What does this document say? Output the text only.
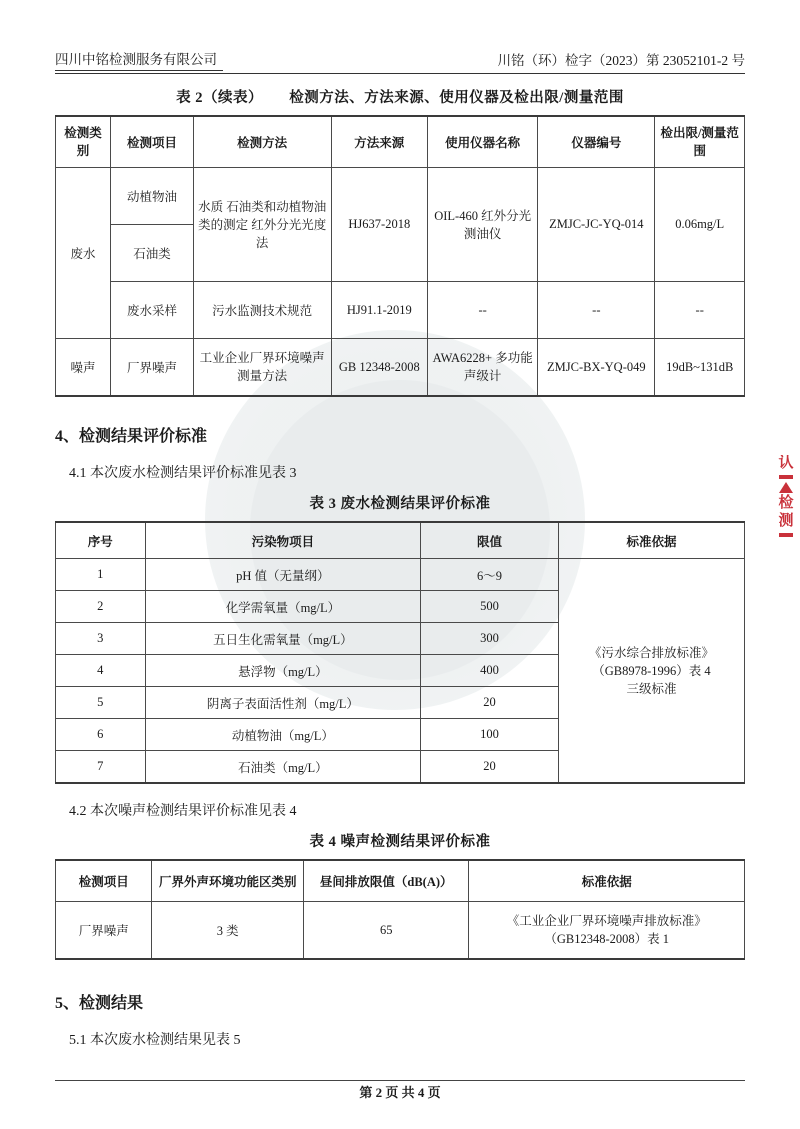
认
检
测
四川中铭检测服务有限公司	川铭（环）检字（2023）第 23052101-2 号
表 2（续表） 检测方法、方法来源、使用仪器及检出限/测量范围
检测类别	检测项目	检测方法	方法来源	使用仪器名称	仪器编号	检出限/测量范围
废水	动植物油	水质 石油类和动植物油类的测定 红外分光光度法	HJ637-2018	OIL-460 红外分光测油仪	ZMJC-JC-YQ-014	0.06mg/L
	石油类					
	废水采样	污水监测技术规范	HJ91.1-2019	--	--	--
噪声	厂界噪声	工业企业厂界环境噪声测量方法	GB 12348-2008	AWA6228+ 多功能声级计	ZMJC-BX-YQ-049	19dB~131dB
4、检测结果评价标准

4.1 本次废水检测结果评价标准见表 3

表 3 废水检测结果评价标准
序号	污染物项目	限值	标准依据
1	pH 值（无量纲）	6～9	《污水综合排放标准》
（GB8978-1996）表 4
三级标准

2	化学需氧量（mg/L）	500	
3	五日生化需氧量（mg/L）	300	
4	悬浮物（mg/L）	400	
5	阴离子表面活性剂（mg/L）	20	
6	动植物油（mg/L）	100	
7	石油类（mg/L）	20	

4.2 本次噪声检测结果评价标准见表 4

表 4 噪声检测结果评价标准
检测项目	厂界外声环境功能区类别	昼间排放限值（dB(A)）	标准依据
厂界噪声	3 类	65	《工业企业厂界环境噪声排放标准》
（GB12348-2008）表 1
5、检测结果

5.1 本次废水检测结果见表 5

第 2 页 共 4 页
